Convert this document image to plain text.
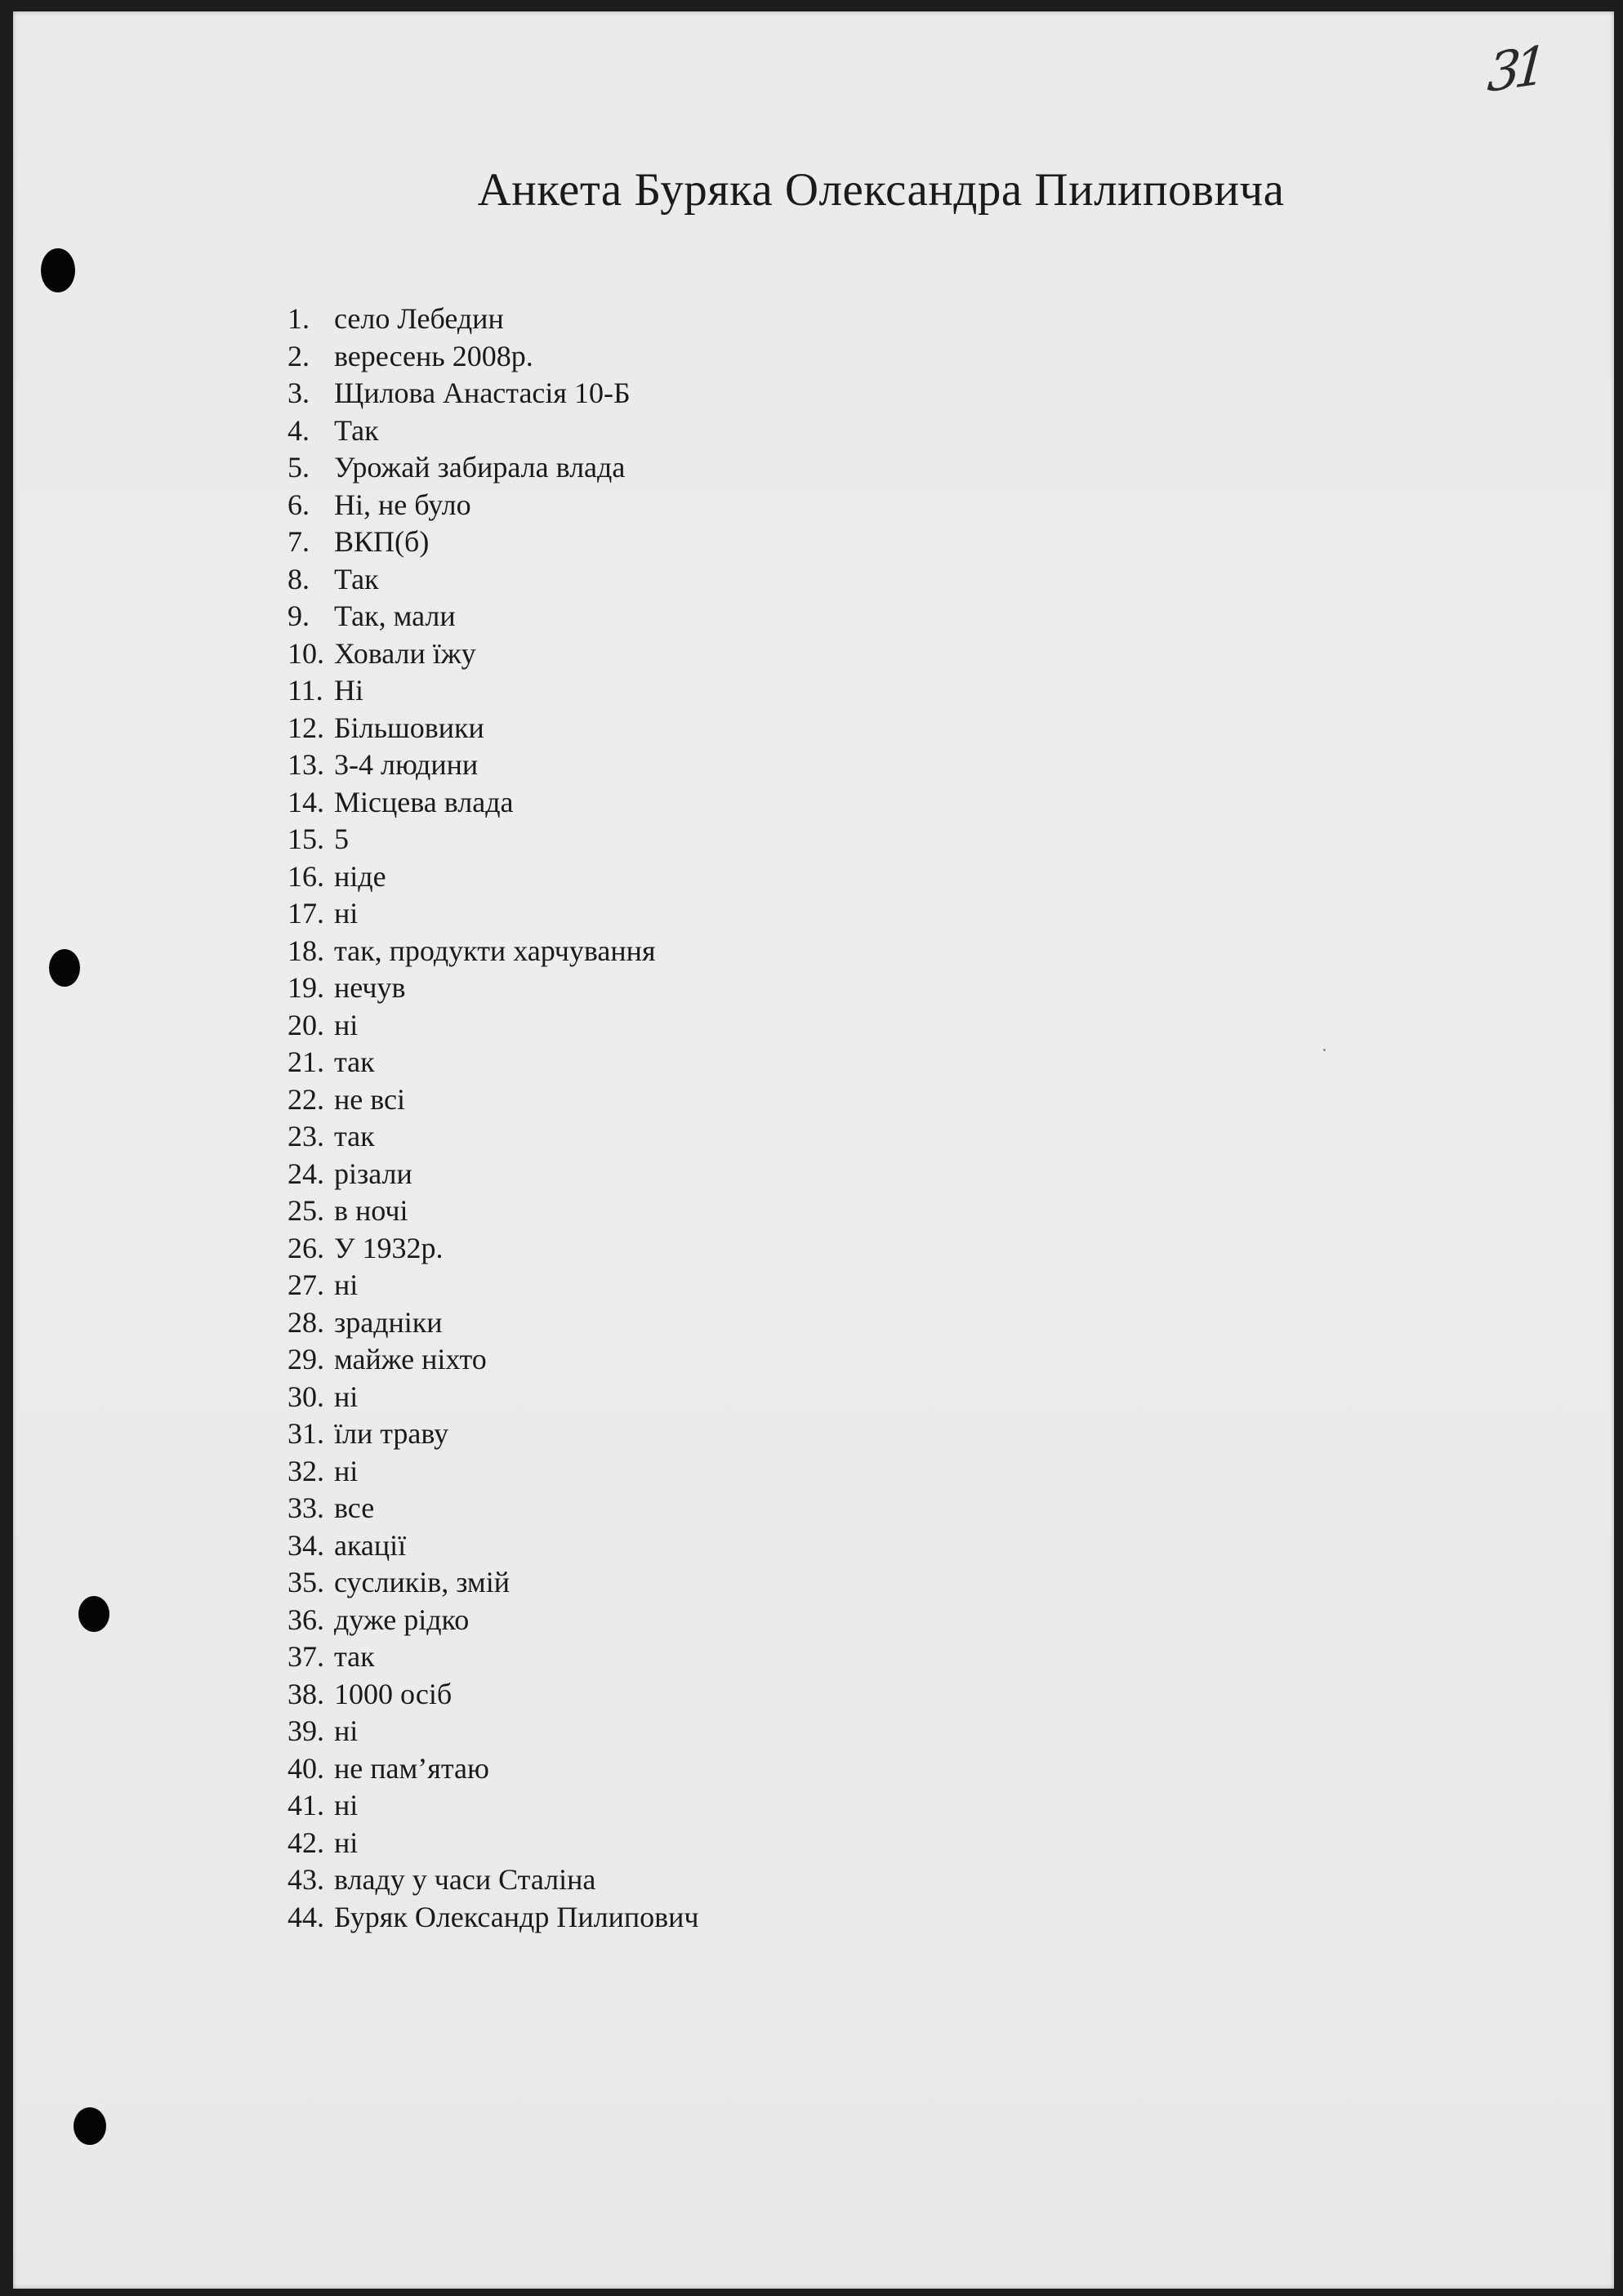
31
Анкета Буряка Олександра Пилиповича
1. село Лебедин
2. вересень 2008р.
3. Щилова Анастасія 10-Б
4. Так
5. Урожай забирала влада
6. Ні, не було
7. ВКП(б)
8. Так
9. Так, мали
10. Ховали їжу
11. Ні
12. Більшовики
13. 3-4 людини
14. Місцева влада
15. 5
16. ніде
17. ні
18. так, продукти харчування
19. нечув
20. ні
21. так
22. не всі
23. так
24. різали
25. в ночі
26. У 1932р.
27. ні
28. зрадніки
29. майже ніхто
30. ні
31. їли траву
32. ні
33. все
34. акації
35. сусликів, змій
36. дуже рідко
37. так
38. 1000 осіб
39. ні
40. не пам’ятаю
41. ні
42. ні
43. владу у часи Сталіна
44. Буряк Олександр Пилипович
